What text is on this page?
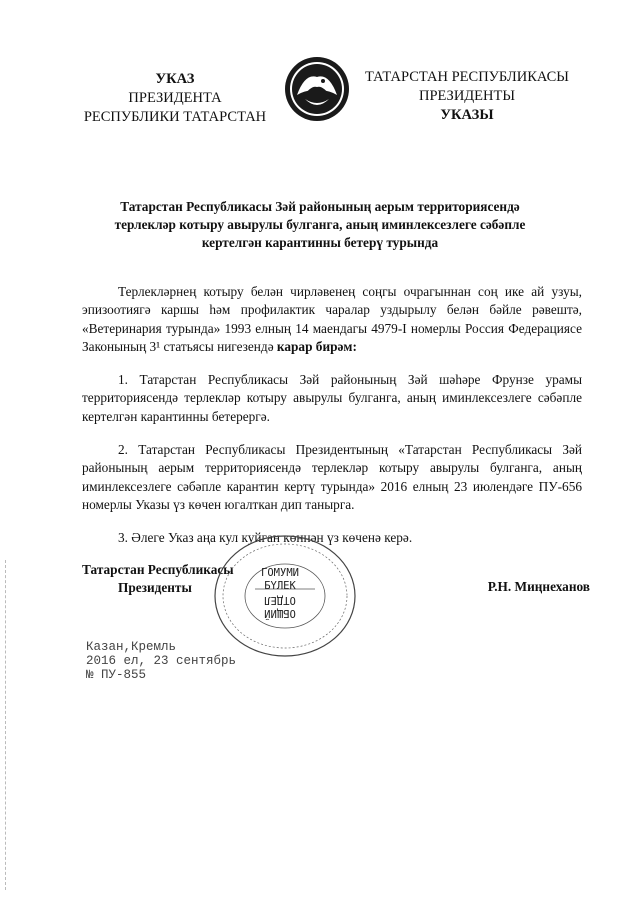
УКАЗ
ПРЕЗИДЕНТА
РЕСПУБЛИКИ ТАТАРСТАН
ТАТАРСТАН РЕСПУБЛИКАСЫ
ПРЕЗИДЕНТЫ
УКАЗЫ
Татарстан Республикасы Зәй районының аерым территориясендә
терлекләр котыру авырулы булганга, аның иминлексезлеге сәбәпле
кертелгән карантинны бетерү турында

Терлекләрнең котыру белән чирләвенең соңгы очрагыннан соң ике ай узуы, эпизоотиягә каршы һәм профилактик чаралар уздырылу белән бәйле рәвештә, «Ветеринария турында» 1993 елның 14 маендагы 4979-I номерлы Россия Федерациясе Законының 3¹ статьясы нигезендә карар бирәм:

1. Татарстан Республикасы Зәй районының Зәй шәһәре Фрунзе урамы территориясендә терлекләр котыру авырулы булганга, аның иминлексезлеге сәбәпле кертелгән карантинны бетерергә.

2. Татарстан Республикасы Президентының «Татарстан Республикасы Зәй районының аерым территориясендә терлекләр котыру авырулы булганга, аның иминлексезлеге сәбәпле карантин кертү турында» 2016 елның 23 июлендәге ПУ-656 номерлы Указы үз көчен югалткан дип танырга.

3. Әлеге Указ аңа кул куйган көннән үз көченә керә.

Татарстан Республикасы
Президенты
ГОМУМИ
БҮЛЕК

ОТДЕЛ
ОБЩИЙ
Р.Н. Миңнеханов
Казан,Кремль
2016 ел, 23 сентябрь
№ ПУ-855
